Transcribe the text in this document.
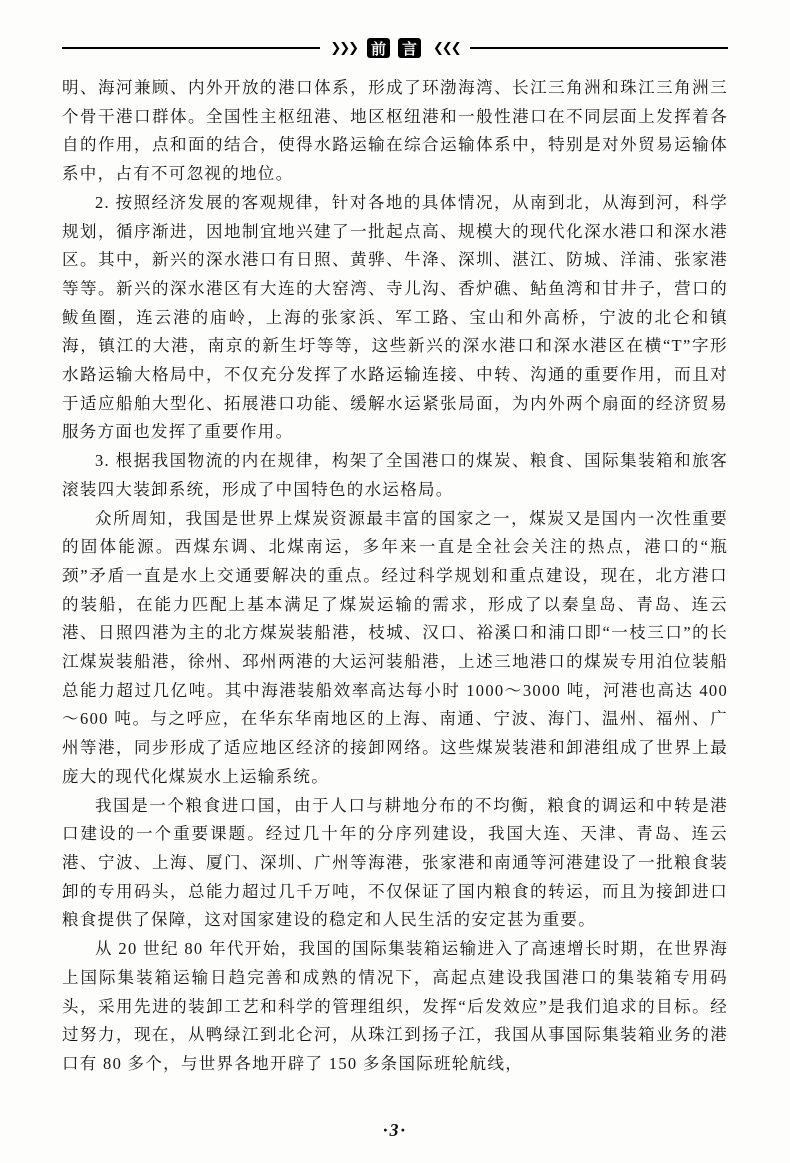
❯❯❯ 前 言	❮❮❮

明、海河兼顾、内外开放的港口体系，形成了环渤海湾、长江三角洲和珠江三角洲三个骨干港口群体。全国性主枢纽港、地区枢纽港和一般性港口在不同层面上发挥着各自的作用，点和面的结合，使得水路运输在综合运输体系中，特别是对外贸易运输体系中，占有不可忽视的地位。

2. 按照经济发展的客观规律，针对各地的具体情况，从南到北，从海到河，科学规划，循序渐进，因地制宜地兴建了一批起点高、规模大的现代化深水港口和深水港区。其中，新兴的深水港口有日照、黄骅、牛洚、深圳、湛江、防城、洋浦、张家港等等。新兴的深水港区有大连的大窑湾、寺儿沟、香炉礁、鲇鱼湾和甘井子，营口的鲅鱼圈，连云港的庙岭，上海的张家浜、军工路、宝山和外高桥，宁波的北仑和镇海，镇江的大港，南京的新生圩等等，这些新兴的深水港口和深水港区在横“T”字形水路运输大格局中，不仅充分发挥了水路运输连接、中转、沟通的重要作用，而且对于适应船舶大型化、拓展港口功能、缓解水运紧张局面，为内外两个扇面的经济贸易服务方面也发挥了重要作用。

3. 根据我国物流的内在规律，构架了全国港口的煤炭、粮食、国际集装箱和旅客滚装四大装卸系统，形成了中国特色的水运格局。

众所周知，我国是世界上煤炭资源最丰富的国家之一，煤炭又是国内一次性重要的固体能源。西煤东调、北煤南运，多年来一直是全社会关注的热点，港口的“瓶颈”矛盾一直是水上交通要解决的重点。经过科学规划和重点建设，现在，北方港口的装船，在能力匹配上基本满足了煤炭运输的需求，形成了以秦皇岛、青岛、连云港、日照四港为主的北方煤炭装船港，枝城、汉口、裕溪口和浦口即“一枝三口”的长江煤炭装船港，徐州、邳州两港的大运河装船港，上述三地港口的煤炭专用泊位装船总能力超过几亿吨。其中海港装船效率高达每小时 1000～3000 吨，河港也高达 400～600 吨。与之呼应，在华东华南地区的上海、南通、宁波、海门、温州、福州、广州等港，同步形成了适应地区经济的接卸网络。这些煤炭装港和卸港组成了世界上最庞大的现代化煤炭水上运输系统。

我国是一个粮食进口国，由于人口与耕地分布的不均衡，粮食的调运和中转是港口建设的一个重要课题。经过几十年的分序列建设，我国大连、天津、青岛、连云港、宁波、上海、厦门、深圳、广州等海港，张家港和南通等河港建设了一批粮食装卸的专用码头，总能力超过几千万吨，不仅保证了国内粮食的转运，而且为接卸进口粮食提供了保障，这对国家建设的稳定和人民生活的安定甚为重要。

从 20 世纪 80 年代开始，我国的国际集装箱运输进入了高速增长时期，在世界海上国际集装箱运输日趋完善和成熟的情况下，高起点建设我国港口的集装箱专用码头，采用先进的装卸工艺和科学的管理组织，发挥“后发效应”是我们追求的目标。经过努力，现在，从鸭绿江到北仑河，从珠江到扬子江，我国从事国际集装箱业务的港口有 80 多个，与世界各地开辟了 150 多条国际班轮航线，

·3·
